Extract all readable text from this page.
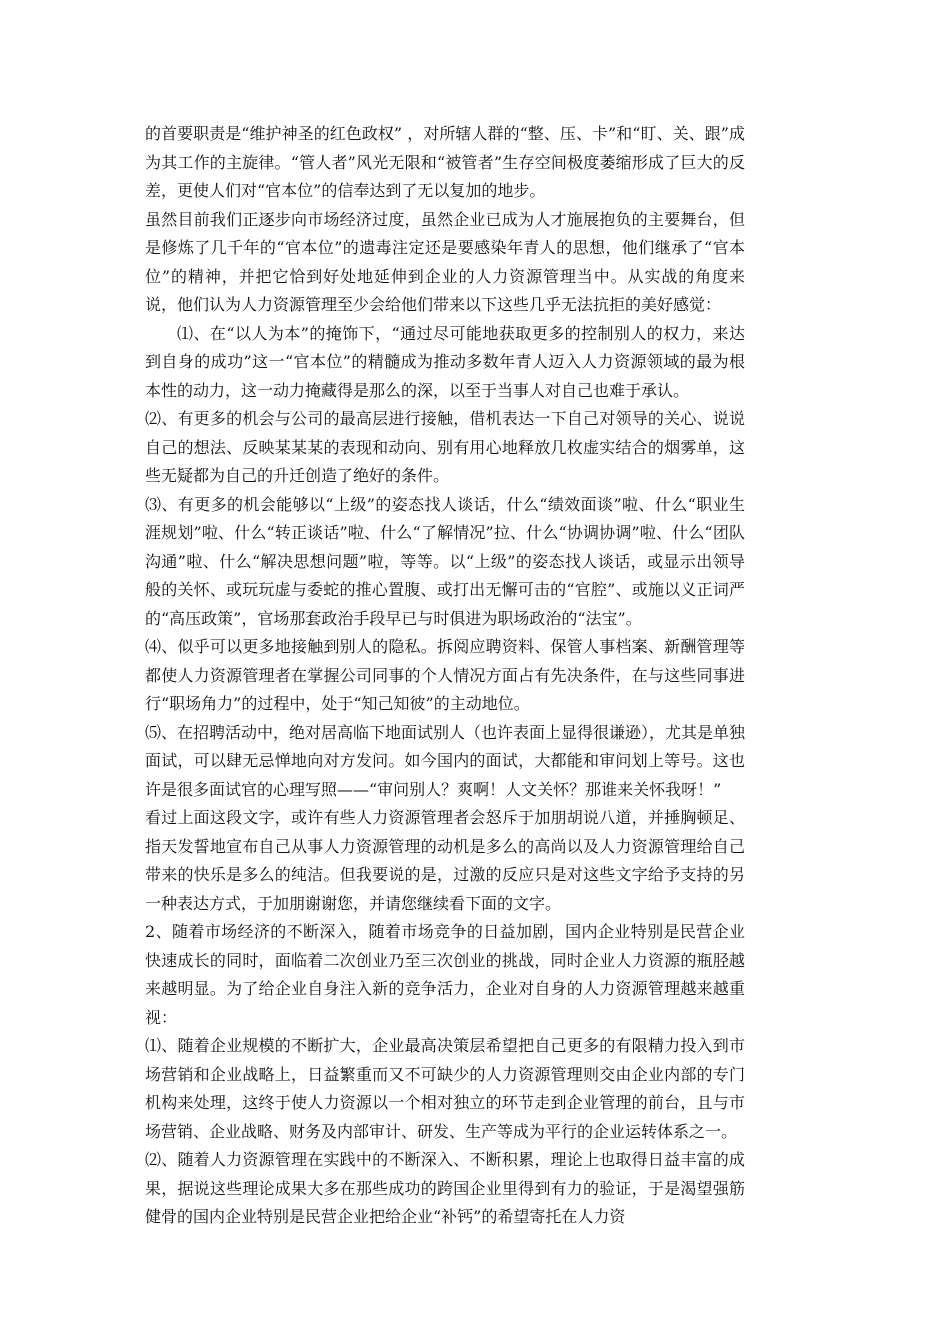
的首要职责是“维护神圣的红色政权” ，对所辖人群的“整、压、卡”和“盯、关、跟”成为其工作的主旋律。“管人者”风光无限和“被管者”生存空间极度萎缩形成了巨大的反差，更使人们对“官本位”的信奉达到了无以复加的地步。

虽然目前我们正逐步向市场经济过度，虽然企业已成为人才施展抱负的主要舞台，但是修炼了几千年的“官本位”的遗毒注定还是要感染年青人的思想，他们继承了“官本位”的精神，并把它恰到好处地延伸到企业的人力资源管理当中。从实战的角度来说，他们认为人力资源管理至少会给他们带来以下这些几乎无法抗拒的美好感觉：

⑴、在“以人为本”的掩饰下，“通过尽可能地获取更多的控制别人的权力，来达到自身的成功”这一“官本位”的精髓成为推动多数年青人迈入人力资源领域的最为根本性的动力，这一动力掩藏得是那么的深，以至于当事人对自己也难于承认。

⑵、有更多的机会与公司的最高层进行接触，借机表达一下自己对领导的关心、说说自己的想法、反映某某某的表现和动向、别有用心地释放几枚虚实结合的烟雾单，这些无疑都为自己的升迁创造了绝好的条件。

⑶、有更多的机会能够以“上级”的姿态找人谈话，什么“绩效面谈”啦、什么“职业生涯规划”啦、什么“转正谈话”啦、什么“了解情况”拉、什么“协调协调”啦、什么“团队沟通”啦、什么“解决思想问题”啦，等等。以“上级”的姿态找人谈话，或显示出领导般的关怀、或玩玩虚与委蛇的推心置腹、或打出无懈可击的“官腔”、或施以义正词严的“高压政策”，官场那套政治手段早已与时俱进为职场政治的“法宝”。

⑷、似乎可以更多地接触到别人的隐私。拆阅应聘资料、保管人事档案、新酬管理等都使人力资源管理者在掌握公司同事的个人情况方面占有先决条件，在与这些同事进行“职场角力”的过程中，处于“知己知彼”的主动地位。

⑸、在招聘活动中，绝对居高临下地面试别人（也许表面上显得很谦逊），尤其是单独面试，可以肆无忌惮地向对方发问。如今国内的面试，大都能和审问划上等号。这也许是很多面试官的心理写照——“审问别人？爽啊！人文关怀？那谁来关怀我呀！”

看过上面这段文字，或许有些人力资源管理者会怒斥于加朋胡说八道，并捶胸顿足、指天发誓地宣布自己从事人力资源管理的动机是多么的高尚以及人力资源管理给自己带来的快乐是多么的纯洁。但我要说的是，过激的反应只是对这些文字给予支持的另一种表达方式，于加朋谢谢您，并请您继续看下面的文字。

2、随着市场经济的不断深入，随着市场竞争的日益加剧，国内企业特别是民营企业快速成长的同时，面临着二次创业乃至三次创业的挑战，同时企业人力资源的瓶胫越来越明显。为了给企业自身注入新的竞争活力，企业对自身的人力资源管理越来越重视：

⑴、随着企业规模的不断扩大，企业最高决策层希望把自己更多的有限精力投入到市场营销和企业战略上，日益繁重而又不可缺少的人力资源管理则交由企业内部的专门机构来处理，这终于使人力资源以一个相对独立的环节走到企业管理的前台，且与市场营销、企业战略、财务及内部审计、研发、生产等成为平行的企业运转体系之一。

⑵、随着人力资源管理在实践中的不断深入、不断积累，理论上也取得日益丰富的成果，据说这些理论成果大多在那些成功的跨国企业里得到有力的验证，于是渴望强筋健骨的国内企业特别是民营企业把给企业“补钙”的希望寄托在人力资
